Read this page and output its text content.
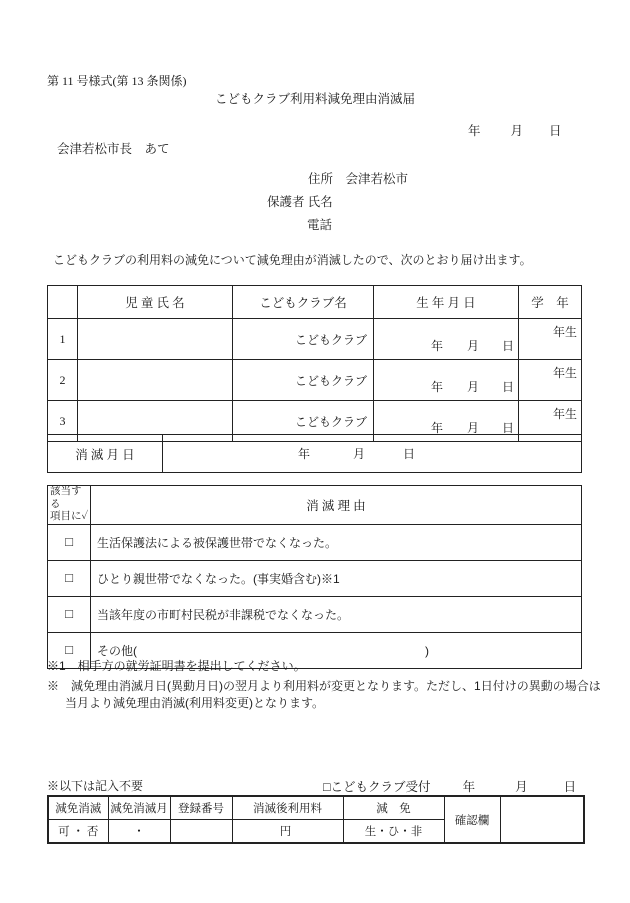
第 11 号様式(第 13 条関係)
こどもクラブ利用料減免理由消滅届
年 月 日
会津若松市長　あて
住所　会津若松市
保護者 氏名
電話
こどもクラブの利用料の減免について減免理由が消滅したので、次のとおり届け出ます。
	児 童 氏 名	こどもクラブ名	生 年 月 日	学　年
1		こどもクラブ	年 月 日	年生

2		こどもクラブ	年 月 日	年生

3		こどもクラブ	年 月 日	年生
消 滅 月 日	年	月	日
該当する
項目に✓	消 滅 理 由
□	生活保護法による被保護世帯でなくなった。
□	ひとり親世帯でなくなった。(事実婚含む)※1
□	当該年度の市町村民税が非課税でなくなった。
□	その他(　　　　　　　　　　　　　　　　　　　　　　　　)
※1　相手方の就労証明書を提出してください。
※　減免理由消滅月日(異動月日)の翌月より利用料が変更となります。ただし、1日付けの異動の場合は当月より減免理由消滅(利用料変更)となります。
※以下は記入不要	□こどもクラブ受付	年	月	日
減免消滅	減免消滅月	登録番号	消滅後利用料	減　免	確認欄	
可 ・ 否	・		円	生・ひ・非		
